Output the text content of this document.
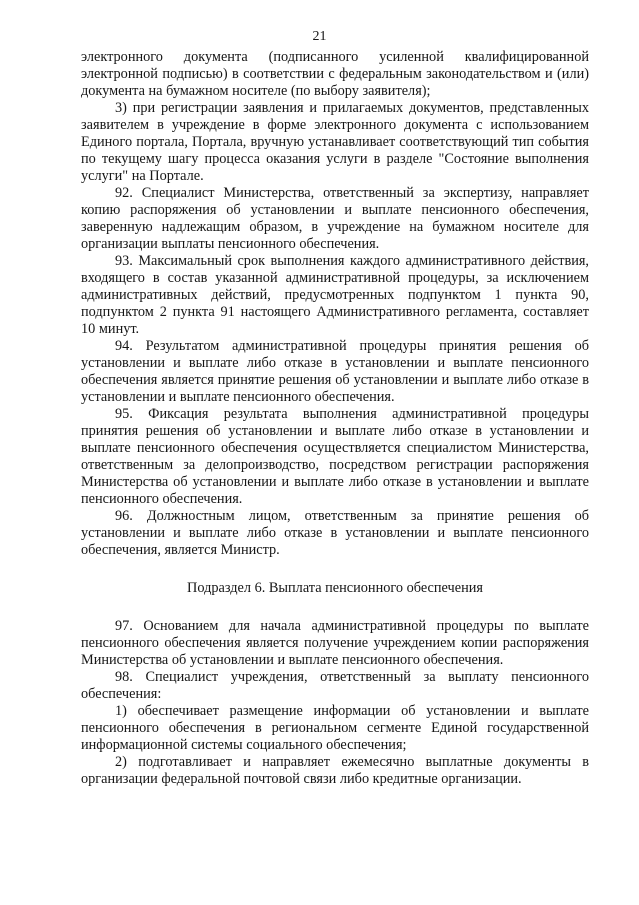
21

электронного документа (подписанного усиленной квалифицированной электронной подписью) в соответствии с федеральным законодательством и (или) документа на бумажном носителе (по выбору заявителя);

3) при регистрации заявления и прилагаемых документов, представленных заявителем в учреждение в форме электронного документа с использованием Единого портала, Портала, вручную устанавливает соответствующий тип события по текущему шагу процесса оказания услуги в разделе "Состояние выполнения услуги" на Портале.

92. Специалист Министерства, ответственный за экспертизу, направляет копию распоряжения об установлении и выплате пенсионного обеспечения, заверенную надлежащим образом, в учреждение на бумажном носителе для организации выплаты пенсионного обеспечения.

93. Максимальный срок выполнения каждого административного действия, входящего в состав указанной административной процедуры, за исключением административных действий, предусмотренных подпунктом 1 пункта 90, подпунктом 2 пункта 91 настоящего Административного регламента, составляет 10 минут.

94. Результатом административной процедуры принятия решения об установлении и выплате либо отказе в установлении и выплате пенсионного обеспечения является принятие решения об установлении и выплате либо отказе в установлении и выплате пенсионного обеспечения.

95. Фиксация результата выполнения административной процедуры принятия решения об установлении и выплате либо отказе в установлении и выплате пенсионного обеспечения осуществляется специалистом Министерства, ответственным за делопроизводство, посредством регистрации распоряжения Министерства об установлении и выплате либо отказе в установлении и выплате пенсионного обеспечения.

96. Должностным лицом, ответственным за принятие решения об установлении и выплате либо отказе в установлении и выплате пенсионного обеспечения, является Министр.

Подраздел 6. Выплата пенсионного обеспечения

97. Основанием для начала административной процедуры по выплате пенсионного обеспечения является получение учреждением копии распоряжения Министерства об установлении и выплате пенсионного обеспечения.

98. Специалист учреждения, ответственный за выплату пенсионного обеспечения:

1) обеспечивает размещение информации об установлении и выплате пенсионного обеспечения в региональном сегменте Единой государственной информационной системы социального обеспечения;

2) подготавливает и направляет ежемесячно выплатные документы в организации федеральной почтовой связи либо кредитные организации.
